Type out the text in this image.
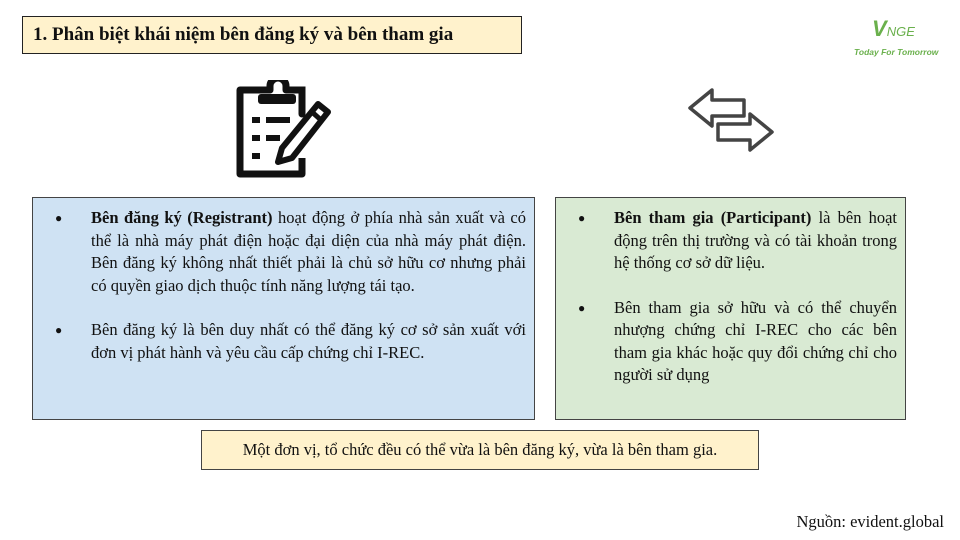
1. Phân biệt khái niệm bên đăng ký và bên tham gia	VNGE
Today For Tomorrow
●	Bên đăng ký (Registrant) hoạt động ở phía nhà sản xuất và có thể là nhà máy phát điện hoặc đại diện của nhà máy phát điện. Bên đăng ký không nhất thiết phải là chủ sở hữu cơ nhưng phải có quyền giao dịch thuộc tính năng lượng tái tạo.
●	Bên đăng ký là bên duy nhất có thể đăng ký cơ sở sản xuất với đơn vị phát hành và yêu cầu cấp chứng chỉ I-REC.
●	Bên tham gia (Participant) là bên hoạt động trên thị trường và có tài khoản trong hệ thống cơ sở dữ liệu.
●	Bên tham gia sở hữu và có thể chuyển nhượng chứng chỉ I-REC cho các bên tham gia khác hoặc quy đổi chứng chỉ cho người sử dụng
Một đơn vị, tổ chức đều có thể vừa là bên đăng ký, vừa là bên tham gia.
Nguồn: evident.global
